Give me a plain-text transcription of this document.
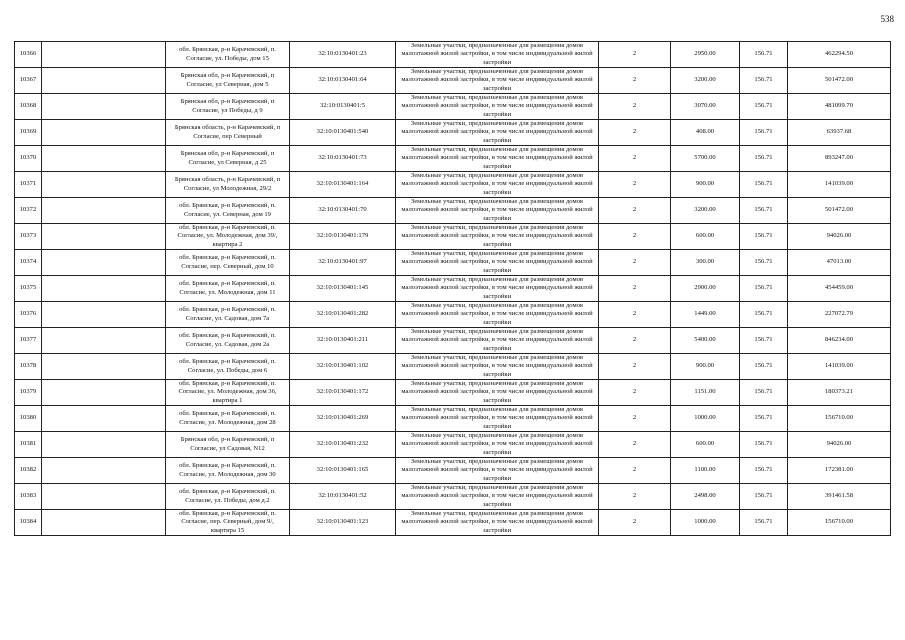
538
10366		обл. Брянская, р-н Карачевский, п. Согласие, ул. Победы, дом 15	32:10:0130401:23	Земельные участки, предназначенные для размещения домов малоэтажной жилой застройки, в том числе индивидуальной жилой застройки	2	2950.00	156.71	462294.50
10367		Брянская обл, р-н Карачевский, п Согласие, ул Северная, дом 5	32:10:0130401:64	Земельные участки, предназначенные для размещения домов малоэтажной жилой застройки, в том числе индивидуальной жилой застройки	2	3200.00	156.71	501472.00
10368		Брянская обл, р-н Карачевский, п Согласие, ул Победы, д 9	32:10:0130401:5	Земельные участки, предназначенные для размещения домов малоэтажной жилой застройки, в том числе индивидуальной жилой застройки	2	3070.00	156.71	481099.70
10369		Брянская область, р-н Карачевский, п Согласие, пер Северный	32:10:0130401:540	Земельные участки, предназначенные для размещения домов малоэтажной жилой застройки, в том числе индивидуальной жилой застройки	2	408.00	156.71	63937.68
10370		Брянская обл, р-н Карачевский, п Согласие, ул Северная, д 25	32:10:0130401:73	Земельные участки, предназначенные для размещения домов малоэтажной жилой застройки, в том числе индивидуальной жилой застройки	2	5700.00	156.71	893247.00
10371		Брянская область, р-н Карачевский, п Согласие, ул Молодежная, 29/2	32:10:0130401:164	Земельные участки, предназначенные для размещения домов малоэтажной жилой застройки, в том числе индивидуальной жилой застройки	2	900.00	156.71	141039.00
10372		обл. Брянская, р-н Карачевский, п. Согласие, ул. Северная, дом 19	32:10:0130401:70	Земельные участки, предназначенные для размещения домов малоэтажной жилой застройки, в том числе индивидуальной жилой застройки	2	3200.00	156.71	501472.00
10373		обл. Брянская, р-н Карачевский, п. Согласие, ул. Молодежная, дом 39/, квартира 2	32:10:0130401:179	Земельные участки, предназначенные для размещения домов малоэтажной жилой застройки, в том числе индивидуальной жилой застройки	2	600.00	156.71	94026.00
10374		обл. Брянская, р-н Карачевский, п. Согласие, пер. Северный, дом 10	32:10:0130401:97	Земельные участки, предназначенные для размещения домов малоэтажной жилой застройки, в том числе индивидуальной жилой застройки	2	300.00	156.71	47013.00
10375		обл. Брянская, р-н Карачевский, п. Согласие, ул. Молодежная, дом 11	32:10:0130401:145	Земельные участки, предназначенные для размещения домов малоэтажной жилой застройки, в том числе индивидуальной жилой застройки	2	2900.00	156.71	454459.00
10376		обл. Брянская, р-н Карачевский, п. Согласие, ул. Садовая, дом 7а	32:10:0130401:282	Земельные участки, предназначенные для размещения домов малоэтажной жилой застройки, в том числе индивидуальной жилой застройки	2	1449.00	156.71	227072.79
10377		обл. Брянская, р-н Карачевский, п. Согласие, ул. Садовая, дом 2а	32:10:0130401:211	Земельные участки, предназначенные для размещения домов малоэтажной жилой застройки, в том числе индивидуальной жилой застройки	2	5400.00	156.71	846234.00
10378		обл. Брянская, р-н Карачевский, п. Согласие, ул. Победы, дом 6	32:10:0130401:102	Земельные участки, предназначенные для размещения домов малоэтажной жилой застройки, в том числе индивидуальной жилой застройки	2	900.00	156.71	141039.00
10379		обл. Брянская, р-н Карачевский, п. Согласие, ул. Молодежная, дом 36, квартира 1	32:10:0130401:172	Земельные участки, предназначенные для размещения домов малоэтажной жилой застройки, в том числе индивидуальной жилой застройки	2	1151.00	156.71	180373.21
10380		обл. Брянская, р-н Карачевский, п. Согласие, ул. Молодежная, дом 28	32:10:0130401:269	Земельные участки, предназначенные для размещения домов малоэтажной жилой застройки, в том числе индивидуальной жилой застройки	2	1000.00	156.71	156710.00
10381		Брянская обл, р-н Карачевский, п Согласие, ул Садовая, N12	32:10:0130401:232	Земельные участки, предназначенные для размещения домов малоэтажной жилой застройки, в том числе индивидуальной жилой застройки	2	600.00	156.71	94026.00
10382		обл. Брянская, р-н Карачевский, п. Согласие, ул. Молодежная, дом 30	32:10:0130401:165	Земельные участки, предназначенные для размещения домов малоэтажной жилой застройки, в том числе индивидуальной жилой застройки	2	1100.00	156.71	172381.00
10383		обл. Брянская, р-н Карачевский, п. Согласие, ул. Победы, дом д.2	32:10:0130401:52	Земельные участки, предназначенные для размещения домов малоэтажной жилой застройки, в том числе индивидуальной жилой застройки	2	2498.00	156.71	391461.58
10384		обл. Брянская, р-н Карачевский, п. Согласие, пер. Северный, дом 9/, квартира 15	32:10:0130401:123	Земельные участки, предназначенные для размещения домов малоэтажной жилой застройки, в том числе индивидуальной жилой застройки	2	1000.00	156.71	156710.00
